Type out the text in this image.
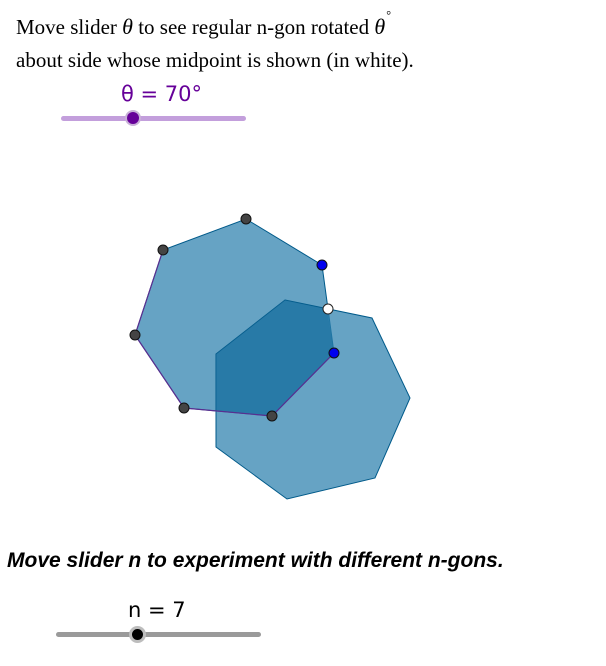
Move slider θ to see regular n-gon rotated θ°
about side whose midpoint is shown (in white).
θ = 70°
Move slider n to experiment with different n-gons.
n = 7
